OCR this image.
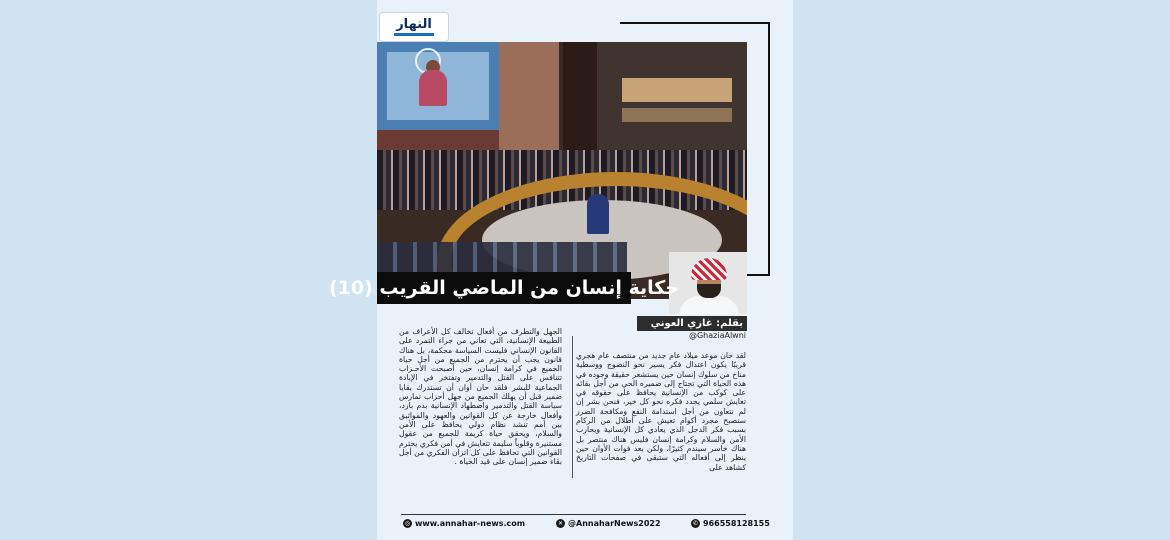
النهار
حكاية إنسان من الماضي القريب (10)
بقلم: غازي العوني
@GhaziaAlwni
لقد حان موعد ميلاد عام جديد من منتصف عام هجري قريبًا يكون اعتدال فكر يسير نحو النضوج ووسطية مناخ من سلوك إنسان حين يستشعر حقيقة وجوده في هذه الحياة التي تحتاج إلى ضميره الحي من أجل بقائه على كوكب من الإنسانية يحافظ على حقوقه في تعايش سلمي يجدد فكره نحو كل خير، فنحن بشر إن لم نتعاون من أجل استدامة النفع ومكافحة الضرر سنصبح مجرد أكوام تعيش على أطلال من الركام بسبب فكر الدجل الذي يعادي كل الإنسانية ويحارب الأمن والسلام وكرامة إنسان فليس هناك منتصر بل هناك خاسر سيندم كثيرًا، ولكن بعد فوات الأوان حين ينظر إلى أفعاله التي ستبقى في صفحات التاريخ كشاهد على
الجهل والتطرف من أفعال تخالف كل الأعراف من الطبيعة الإنسانية، التي تعاني من جراء التمرد على القانون الإنساني فليست السياسة محكمة، بل هناك قانون يجب أن يحترم من الجميع من أجل حياة الجميع في كرامة إنسان، حين أصبحت الأحـزاب تتنافس على القتل والتدمير وتفتخر في الإبادة الجماعية للبشر فلقد حان أوان أن تستدرك بقايا ضمير قبل أن يهلك الجميع من جهل أحزاب تمارس سياسة القتل والتدمير واضطهاد الإنسانية بدم بارد، وأفعال خارجة عن كل القوانين والعهود والمواثيق بين أمم تنشد نظام دولي يحافظ على الأمن والسلام، ويحقق حياة كريمة للجميع من عقول مستنيرة وقلوباً سليمة تتعايش في أمن فكري يحترم القوانين التي تحافظ على كل اتزان الفكري من أجل بقاء ضمير إنسان على قيد الحياة .
◎ www.annahar-news.com	✕ @AnnaharNews2022	✆ 966558128155
